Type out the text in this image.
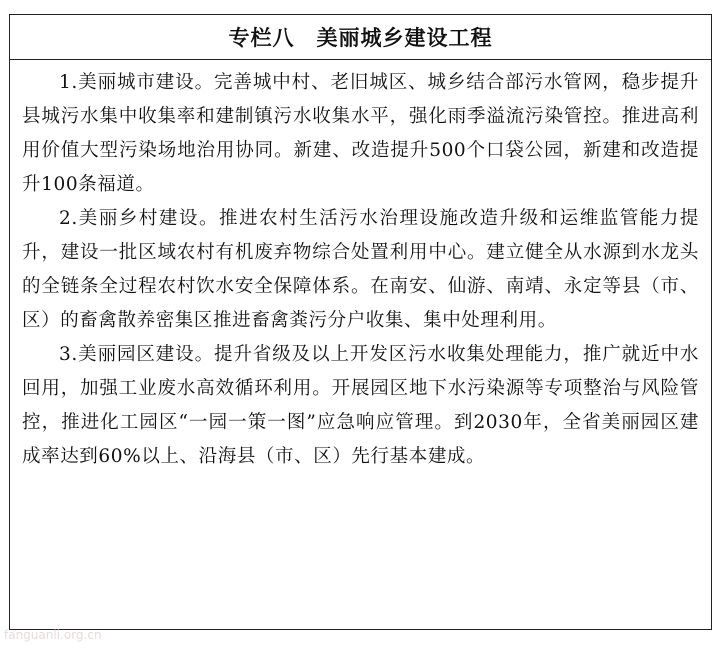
专栏八　美丽城乡建设工程

1.美丽城市建设。完善城中村、老旧城区、城乡结合部污水管网，稳步提升县城污水集中收集率和建制镇污水收集水平，强化雨季溢流污染管控。推进高利用价值大型污染场地治用协同。新建、改造提升500个口袋公园，新建和改造提升100条福道。

2.美丽乡村建设。推进农村生活污水治理设施改造升级和运维监管能力提升，建设一批区域农村有机废弃物综合处置利用中心。建立健全从水源到水龙头的全链条全过程农村饮水安全保障体系。在南安、仙游、南靖、永定等县（市、区）的畜禽散养密集区推进畜禽粪污分户收集、集中处理利用。

3.美丽园区建设。提升省级及以上开发区污水收集处理能力，推广就近中水回用，加强工业废水高效循环利用。开展园区地下水污染源等专项整治与风险管控，推进化工园区“一园一策一图”应急响应管理。到2030年，全省美丽园区建成率达到60%以上、沿海县（市、区）先行基本建成。

fanguanli.org.cn
